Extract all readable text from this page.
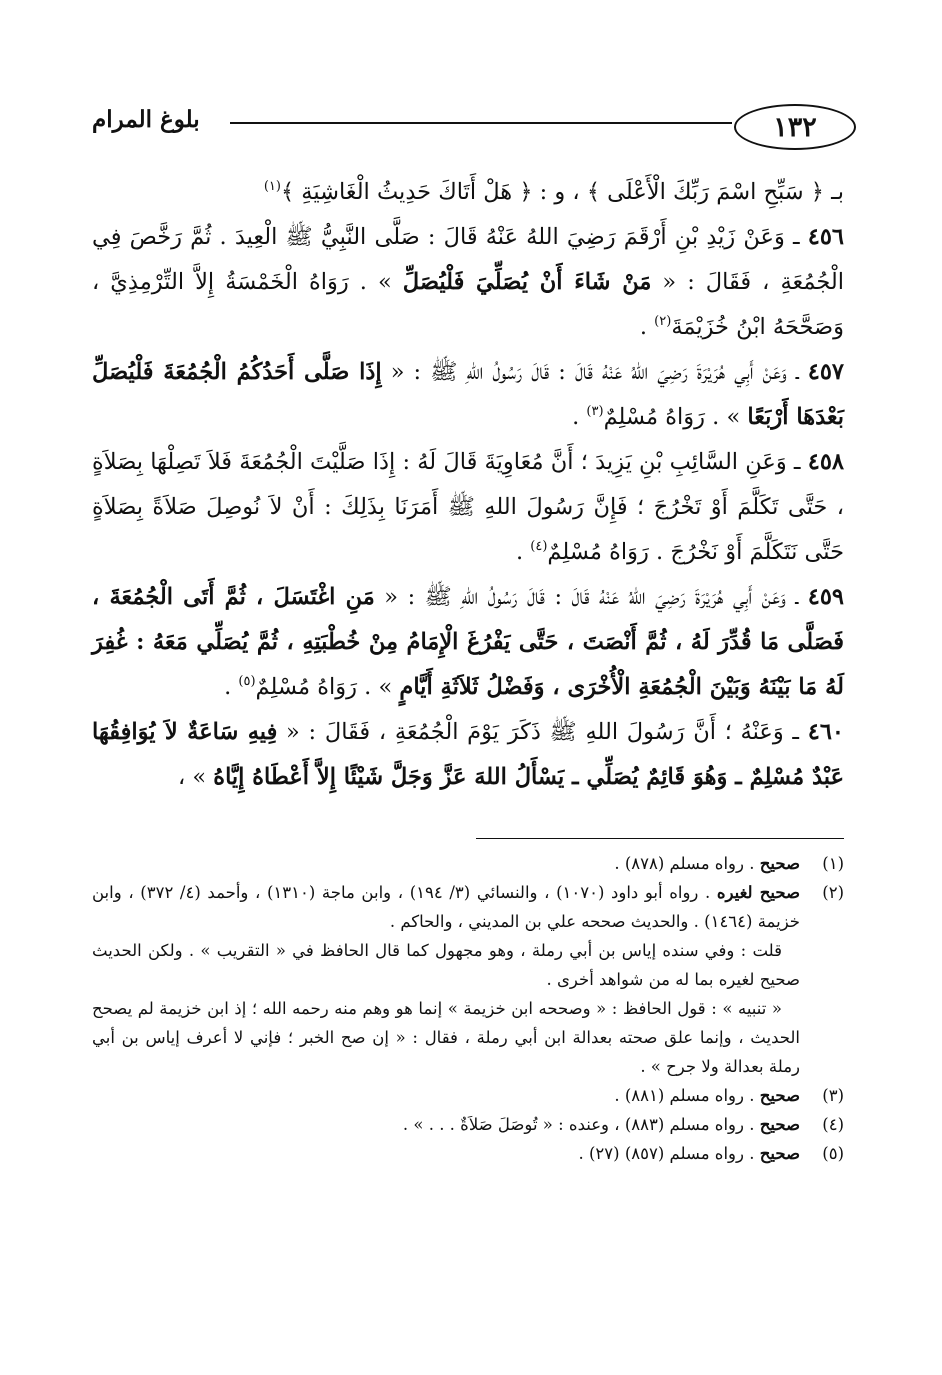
١٣٢
بلوغ المرام

بـ ﴿ سَبِّحِ اسْمَ رَبِّكَ الْأَعْلَى ﴾ ، و : ﴿ هَلْ أَتَاكَ حَدِيثُ الْغَاشِيَةِ ﴾$^{(١)}$

٤٥٦ ـ وَعَنْ زَيْدِ بْنِ أَرْقَمَ رَضِيَ اللهُ عَنْهُ قَالَ : صَلَّى النَّبِيُّ ﷺ الْعِيدَ . ثُمَّ رَخَّصَ فِي الْجُمُعَةِ ، فَقَالَ : « مَنْ شَاءَ أَنْ يُصَلِّيَ فَلْيُصَلِّ » . رَوَاهُ الْخَمْسَةُ إِلاَّ التِّرْمِذِيَّ ، وَصَحَّحَهُ ابْنُ خُزَيْمَةَ$^{(٢)}$ .

٤٥٧ ـ وَعَنْ أَبِي هُرَيْرَةَ رَضِيَ اللهُ عَنْهُ قَالَ : قَالَ رَسُولُ اللهِ ﷺ : « إِذَا صَلَّى أَحَدُكُمُ الْجُمُعَةَ فَلْيُصَلِّ بَعْدَهَا أَرْبَعًا » . رَوَاهُ مُسْلِمٌ$^{(٣)}$ .

٤٥٨ ـ وَعَنِ السَّائِبِ بْنِ يَزِيدَ ؛ أَنَّ مُعَاوِيَةَ قَالَ لَهُ : إِذَا صَلَّيْتَ الْجُمُعَةَ فَلاَ تَصِلْهَا بِصَلاَةٍ ، حَتَّى تَكَلَّمَ أَوْ تَخْرُجَ ؛ فَإِنَّ رَسُولَ اللهِ ﷺ أَمَرَنَا بِذَلِكَ : أَنْ لاَ نُوصِلَ صَلاَةً بِصَلاَةٍ حَتَّى نَتَكَلَّمَ أَوْ نَخْرُجَ . رَوَاهُ مُسْلِمٌ$^{(٤)}$ .

٤٥٩ ـ وَعَنْ أَبِي هُرَيْرَةَ رَضِيَ اللهُ عَنْهُ قَالَ : قَالَ رَسُولُ اللهِ ﷺ : « مَنِ اغْتَسَلَ ، ثُمَّ أَتَى الْجُمُعَةَ ، فَصَلَّى مَا قُدِّرَ لَهُ ، ثُمَّ أَنْصَتَ ، حَتَّى يَفْرُغَ الْإِمَامُ مِنْ خُطْبَتِهِ ، ثُمَّ يُصَلِّي مَعَهُ : غُفِرَ لَهُ مَا بَيْنَهُ وَبَيْنَ الْجُمُعَةِ الْأُخْرَى ، وَفَضْلُ ثَلاَثَةِ أَيَّامٍ » . رَوَاهُ مُسْلِمٌ$^{(٥)}$ .

٤٦٠ ـ وَعَنْهُ ؛ أَنَّ رَسُولَ اللهِ ﷺ ذَكَرَ يَوْمَ الْجُمُعَةِ ، فَقَالَ : « فِيهِ سَاعَةٌ لاَ يُوَافِقُهَا عَبْدٌ مُسْلِمٌ ـ وَهُوَ قَائِمٌ يُصَلِّي ـ يَسْأَلُ اللهَ عَزَّ وَجَلَّ شَيْئًا إِلاَّ أَعْطَاهُ إِيَّاهُ » ،

(١)
صحيح . رواه مسلم (٨٧٨) .
(٢)
صحيح لغيره . رواه أبو داود (١٠٧٠) ، والنسائي (٣/ ١٩٤) ، وابن ماجة (١٣١٠) ، وأحمد (٤/ ٣٧٢) ، وابن خزيمة (١٤٦٤) . والحديث صححه علي بن المديني ، والحاكم .
قلت : وفي سنده إياس بن أبي رملة ، وهو مجهول كما قال الحافظ في « التقريب » . ولكن الحديث صحيح لغيره بما له من شواهد أخرى .
« تنبيه » : قول الحافظ : « وصححه ابن خزيمة » إنما هو وهم منه رحمه الله ؛ إذ ابن خزيمة لم يصحح الحديث ، وإنما علق صحته بعدالة ابن أبي رملة ، فقال : « إن صح الخبر ؛ فإني لا أعرف إياس بن أبي رملة بعدالة ولا جرح » .
(٣)
صحيح . رواه مسلم (٨٨١) .
(٤)
صحيح . رواه مسلم (٨٨٣) ، وعنده : « تُوصَلَ صَلاَةٌ . . . » .
(٥)
صحيح . رواه مسلم (٨٥٧) (٢٧) .
